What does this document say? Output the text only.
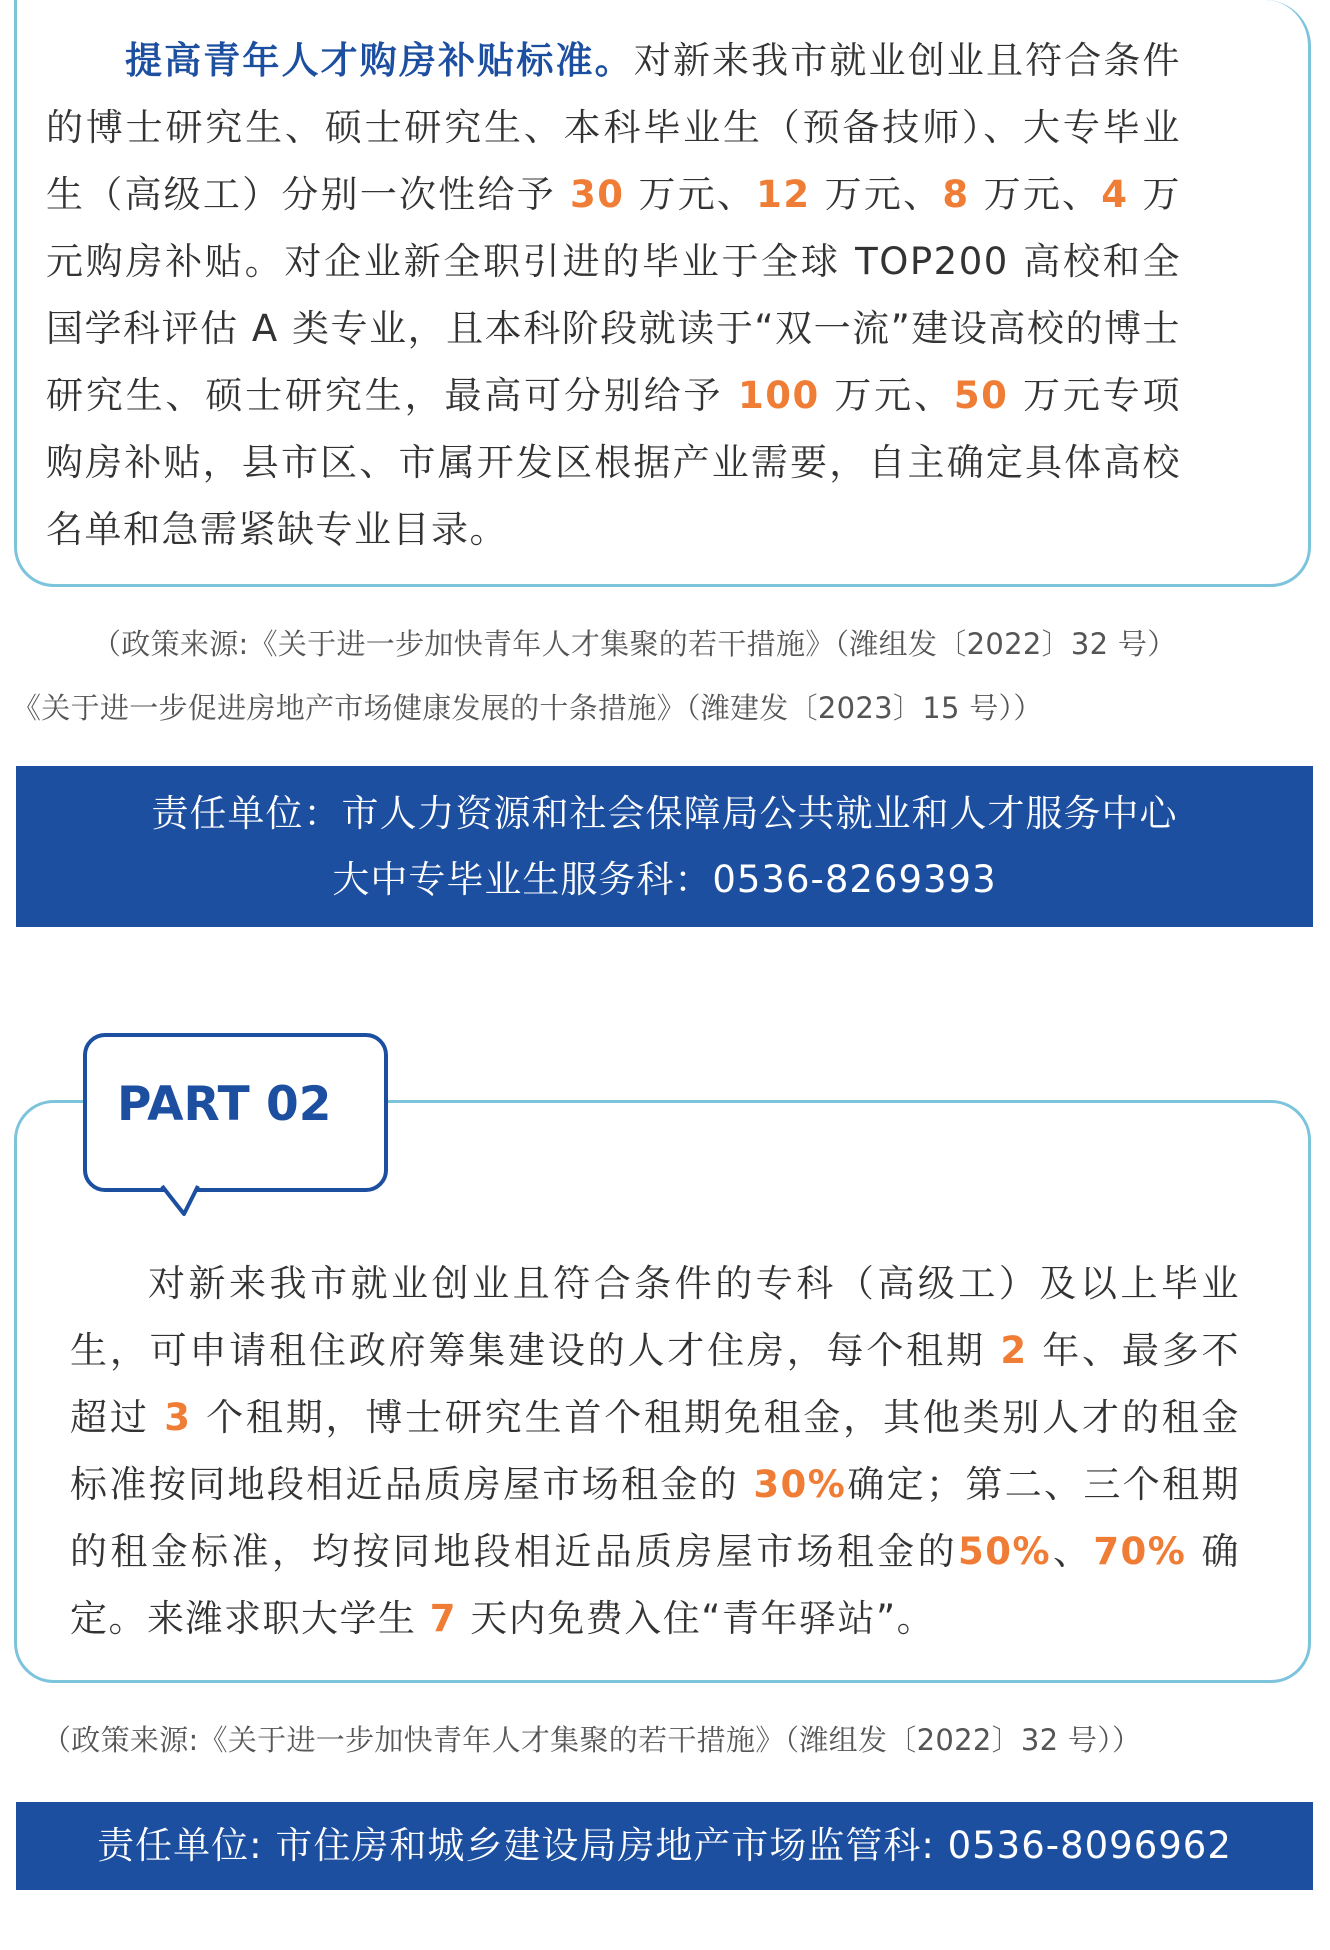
提高青年人才购房补贴标准。对新来我市就业创业且符合条件的博士研究生、硕士研究生、本科毕业生（预备技师）、大专毕业生（高级工）分别一次性给予 30 万元、12 万元、8 万元、4 万元购房补贴。对企业新全职引进的毕业于全球 TOP200 高校和全国学科评估 A 类专业，且本科阶段就读于“双一流”建设高校的博士研究生、硕士研究生，最高可分别给予 100 万元、50 万元专项购房补贴，县市区、市属开发区根据产业需要，自主确定具体高校名单和急需紧缺专业目录。

（政策来源:《关于进一步加快青年人才集聚的若干措施》（潍组发〔2022〕32 号）

《关于进一步促进房地产市场健康发展的十条措施》（潍建发〔2023〕15 号））

责任单位：市人力资源和社会保障局公共就业和人才服务中心
大中专毕业生服务科：0536-8269393

PART 02

对新来我市就业创业且符合条件的专科（高级工）及以上毕业生，可申请租住政府筹集建设的人才住房，每个租期 2 年、最多不超过 3 个租期，博士研究生首个租期免租金，其他类别人才的租金标准按同地段相近品质房屋市场租金的 30%确定；第二、三个租期的租金标准，均按同地段相近品质房屋市场租金的50%、70% 确定。来潍求职大学生 7 天内免费入住“青年驿站”。

（政策来源:《关于进一步加快青年人才集聚的若干措施》（潍组发〔2022〕32 号））

责任单位: 市住房和城乡建设局房地产市场监管科: 0536-8096962
